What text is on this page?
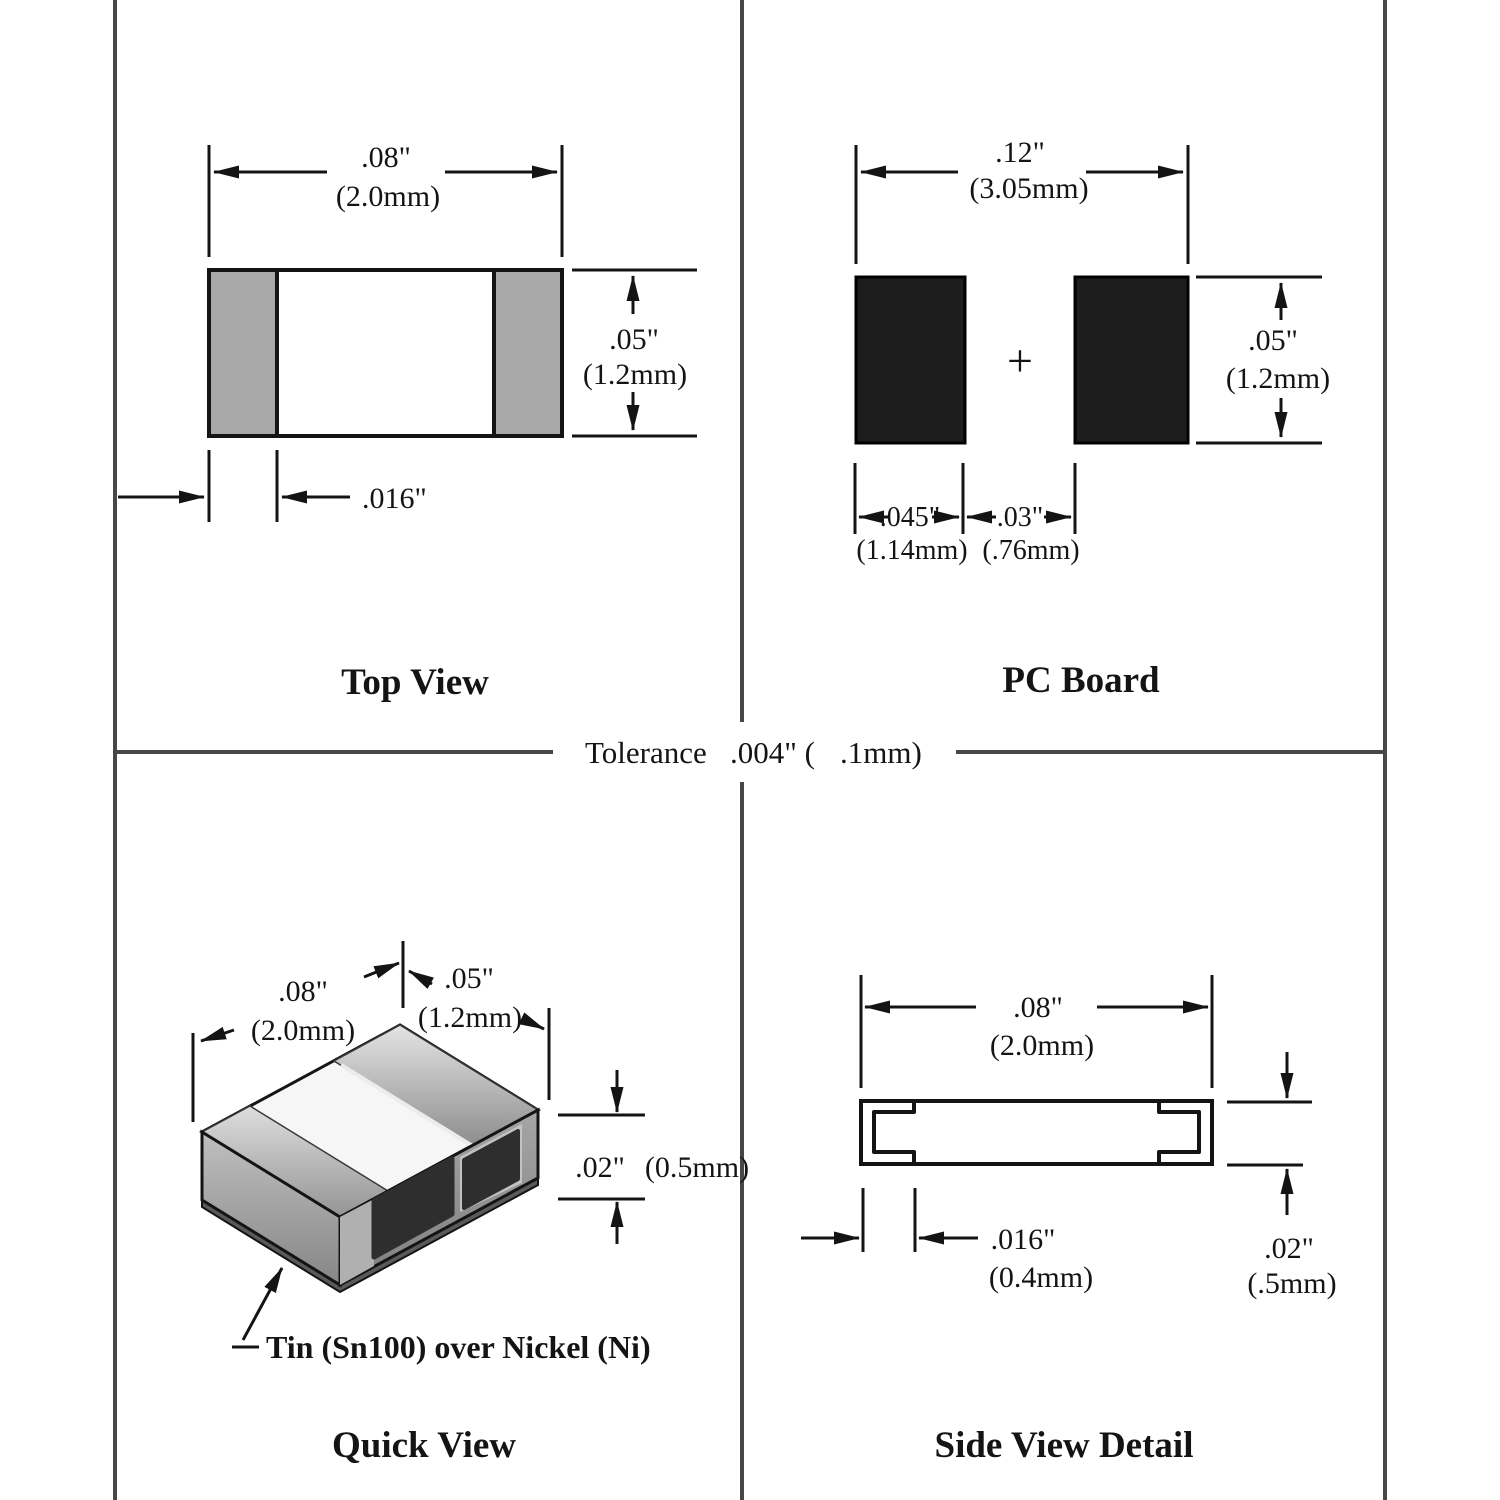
Tolerance .004" ( .1mm)
.08"
(2.0mm)
.05"
(1.2mm)
.016"
Top View
+
.12"
(3.05mm)
.05"
(1.2mm)
.045" .03"
(1.14mm) (.76mm)
PC Board
.08"
(2.0mm)
.05"
(1.2mm)
.02" (0.5mm)
Tin (Sn100) over Nickel (Ni)
Quick View
.08"
(2.0mm)
.016"
(0.4mm)
.02"
(.5mm)
Side View Detail
